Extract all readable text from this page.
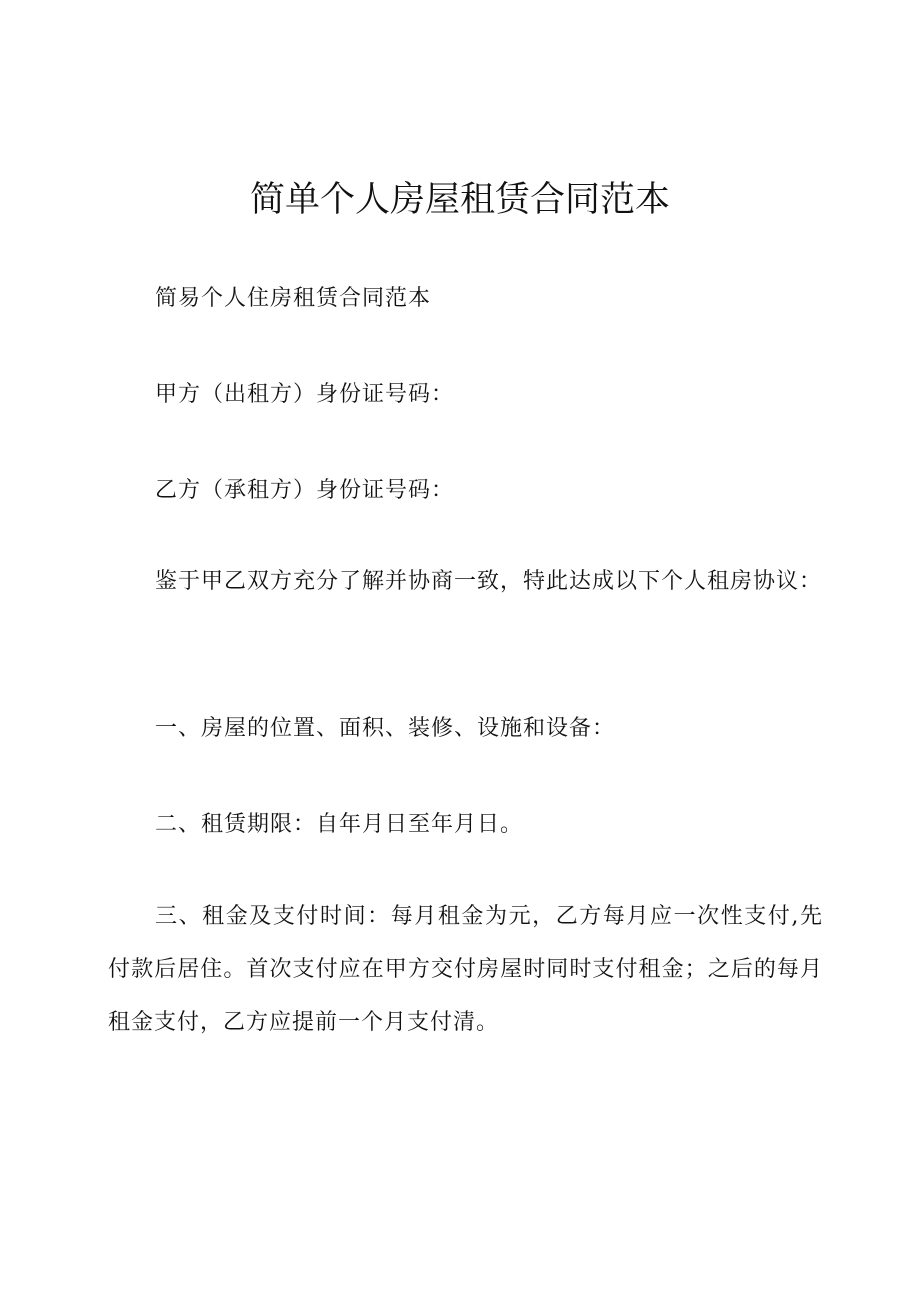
简单个人房屋租赁合同范本

简易个人住房租赁合同范本

甲方（出租方）身份证号码：

乙方（承租方）身份证号码：

鉴于甲乙双方充分了解并协商一致，特此达成以下个人租房协议：

一、房屋的位置、面积、装修、设施和设备：

二、租赁期限：自年月日至年月日。

三、租金及支付时间：每月租金为元，乙方每月应一次性支付,先付款后居住。首次支付应在甲方交付房屋时同时支付租金；之后的每月租金支付，乙方应提前一个月支付清。
